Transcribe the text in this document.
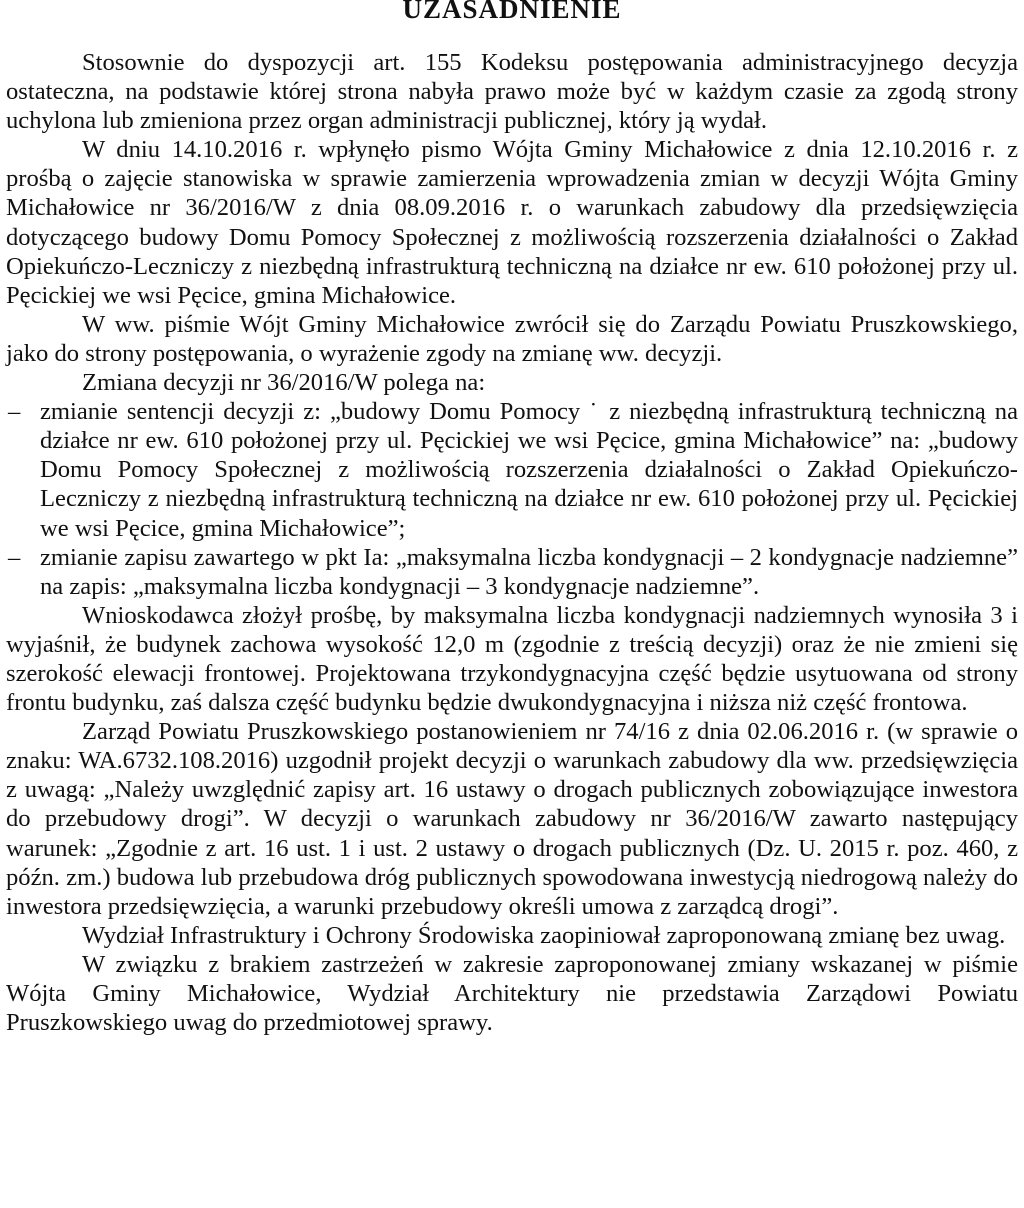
UZASADNIENIE

Stosownie do dyspozycji art. 155 Kodeksu postępowania administracyjnego decyzja ostateczna, na podstawie której strona nabyła prawo może być w każdym czasie za zgodą strony uchylona lub zmieniona przez organ administracji publicznej, który ją wydał.

W dniu 14.10.2016 r. wpłynęło pismo Wójta Gminy Michałowice z dnia 12.10.2016 r. z prośbą o zajęcie stanowiska w sprawie zamierzenia wprowadzenia zmian w decyzji Wójta Gminy Michałowice nr 36/2016/W z dnia 08.09.2016 r. o warunkach zabudowy dla przedsięwzięcia dotyczącego budowy Domu Pomocy Społecznej z możliwością rozszerzenia działalności o Zakład Opiekuńczo-Leczniczy z niezbędną infrastrukturą techniczną na działce nr ew. 610 położonej przy ul. Pęcickiej we wsi Pęcice, gmina Michałowice.

W ww. piśmie Wójt Gminy Michałowice zwrócił się do Zarządu Powiatu Pruszkowskiego, jako do strony postępowania, o wyrażenie zgody na zmianę ww. decyzji.

Zmiana decyzji nr 36/2016/W polega na:

– zmianie sentencji decyzji z: „budowy Domu Pomocy ˙ z niezbędną infrastrukturą techniczną na działce nr ew. 610 położonej przy ul. Pęcickiej we wsi Pęcice, gmina Michałowice” na: „budowy Domu Pomocy Społecznej z możliwością rozszerzenia działalności o Zakład Opiekuńczo-Leczniczy z niezbędną infrastrukturą techniczną na działce nr ew. 610 położonej przy ul. Pęcickiej we wsi Pęcice, gmina Michałowice”;
– zmianie zapisu zawartego w pkt Ia: „maksymalna liczba kondygnacji – 2 kondygnacje nadziemne” na zapis: „maksymalna liczba kondygnacji – 3 kondygnacje nadziemne”.

Wnioskodawca złożył prośbę, by maksymalna liczba kondygnacji nadziemnych wynosiła 3 i wyjaśnił, że budynek zachowa wysokość 12,0 m (zgodnie z treścią decyzji) oraz że nie zmieni się szerokość elewacji frontowej. Projektowana trzykondygnacyjna część będzie usytuowana od strony frontu budynku, zaś dalsza część budynku będzie dwukondygnacyjna i niższa niż część frontowa.

Zarząd Powiatu Pruszkowskiego postanowieniem nr 74/16 z dnia 02.06.2016 r. (w sprawie o znaku: WA.6732.108.2016) uzgodnił projekt decyzji o warunkach zabudowy dla ww. przedsięwzięcia z uwagą: „Należy uwzględnić zapisy art. 16 ustawy o drogach publicznych zobowiązujące inwestora do przebudowy drogi”. W decyzji o warunkach zabudowy nr 36/2016/W zawarto następujący warunek: „Zgodnie z art. 16 ust. 1 i ust. 2 ustawy o drogach publicznych (Dz. U. 2015 r. poz. 460, z późn. zm.) budowa lub przebudowa dróg publicznych spowodowana inwestycją niedrogową należy do inwestora przedsięwzięcia, a warunki przebudowy określi umowa z zarządcą drogi”.

Wydział Infrastruktury i Ochrony Środowiska zaopiniował zaproponowaną zmianę bez uwag.

W związku z brakiem zastrzeżeń w zakresie zaproponowanej zmiany wskazanej w piśmie Wójta Gminy Michałowice, Wydział Architektury nie przedstawia Zarządowi Powiatu Pruszkowskiego uwag do przedmiotowej sprawy.
